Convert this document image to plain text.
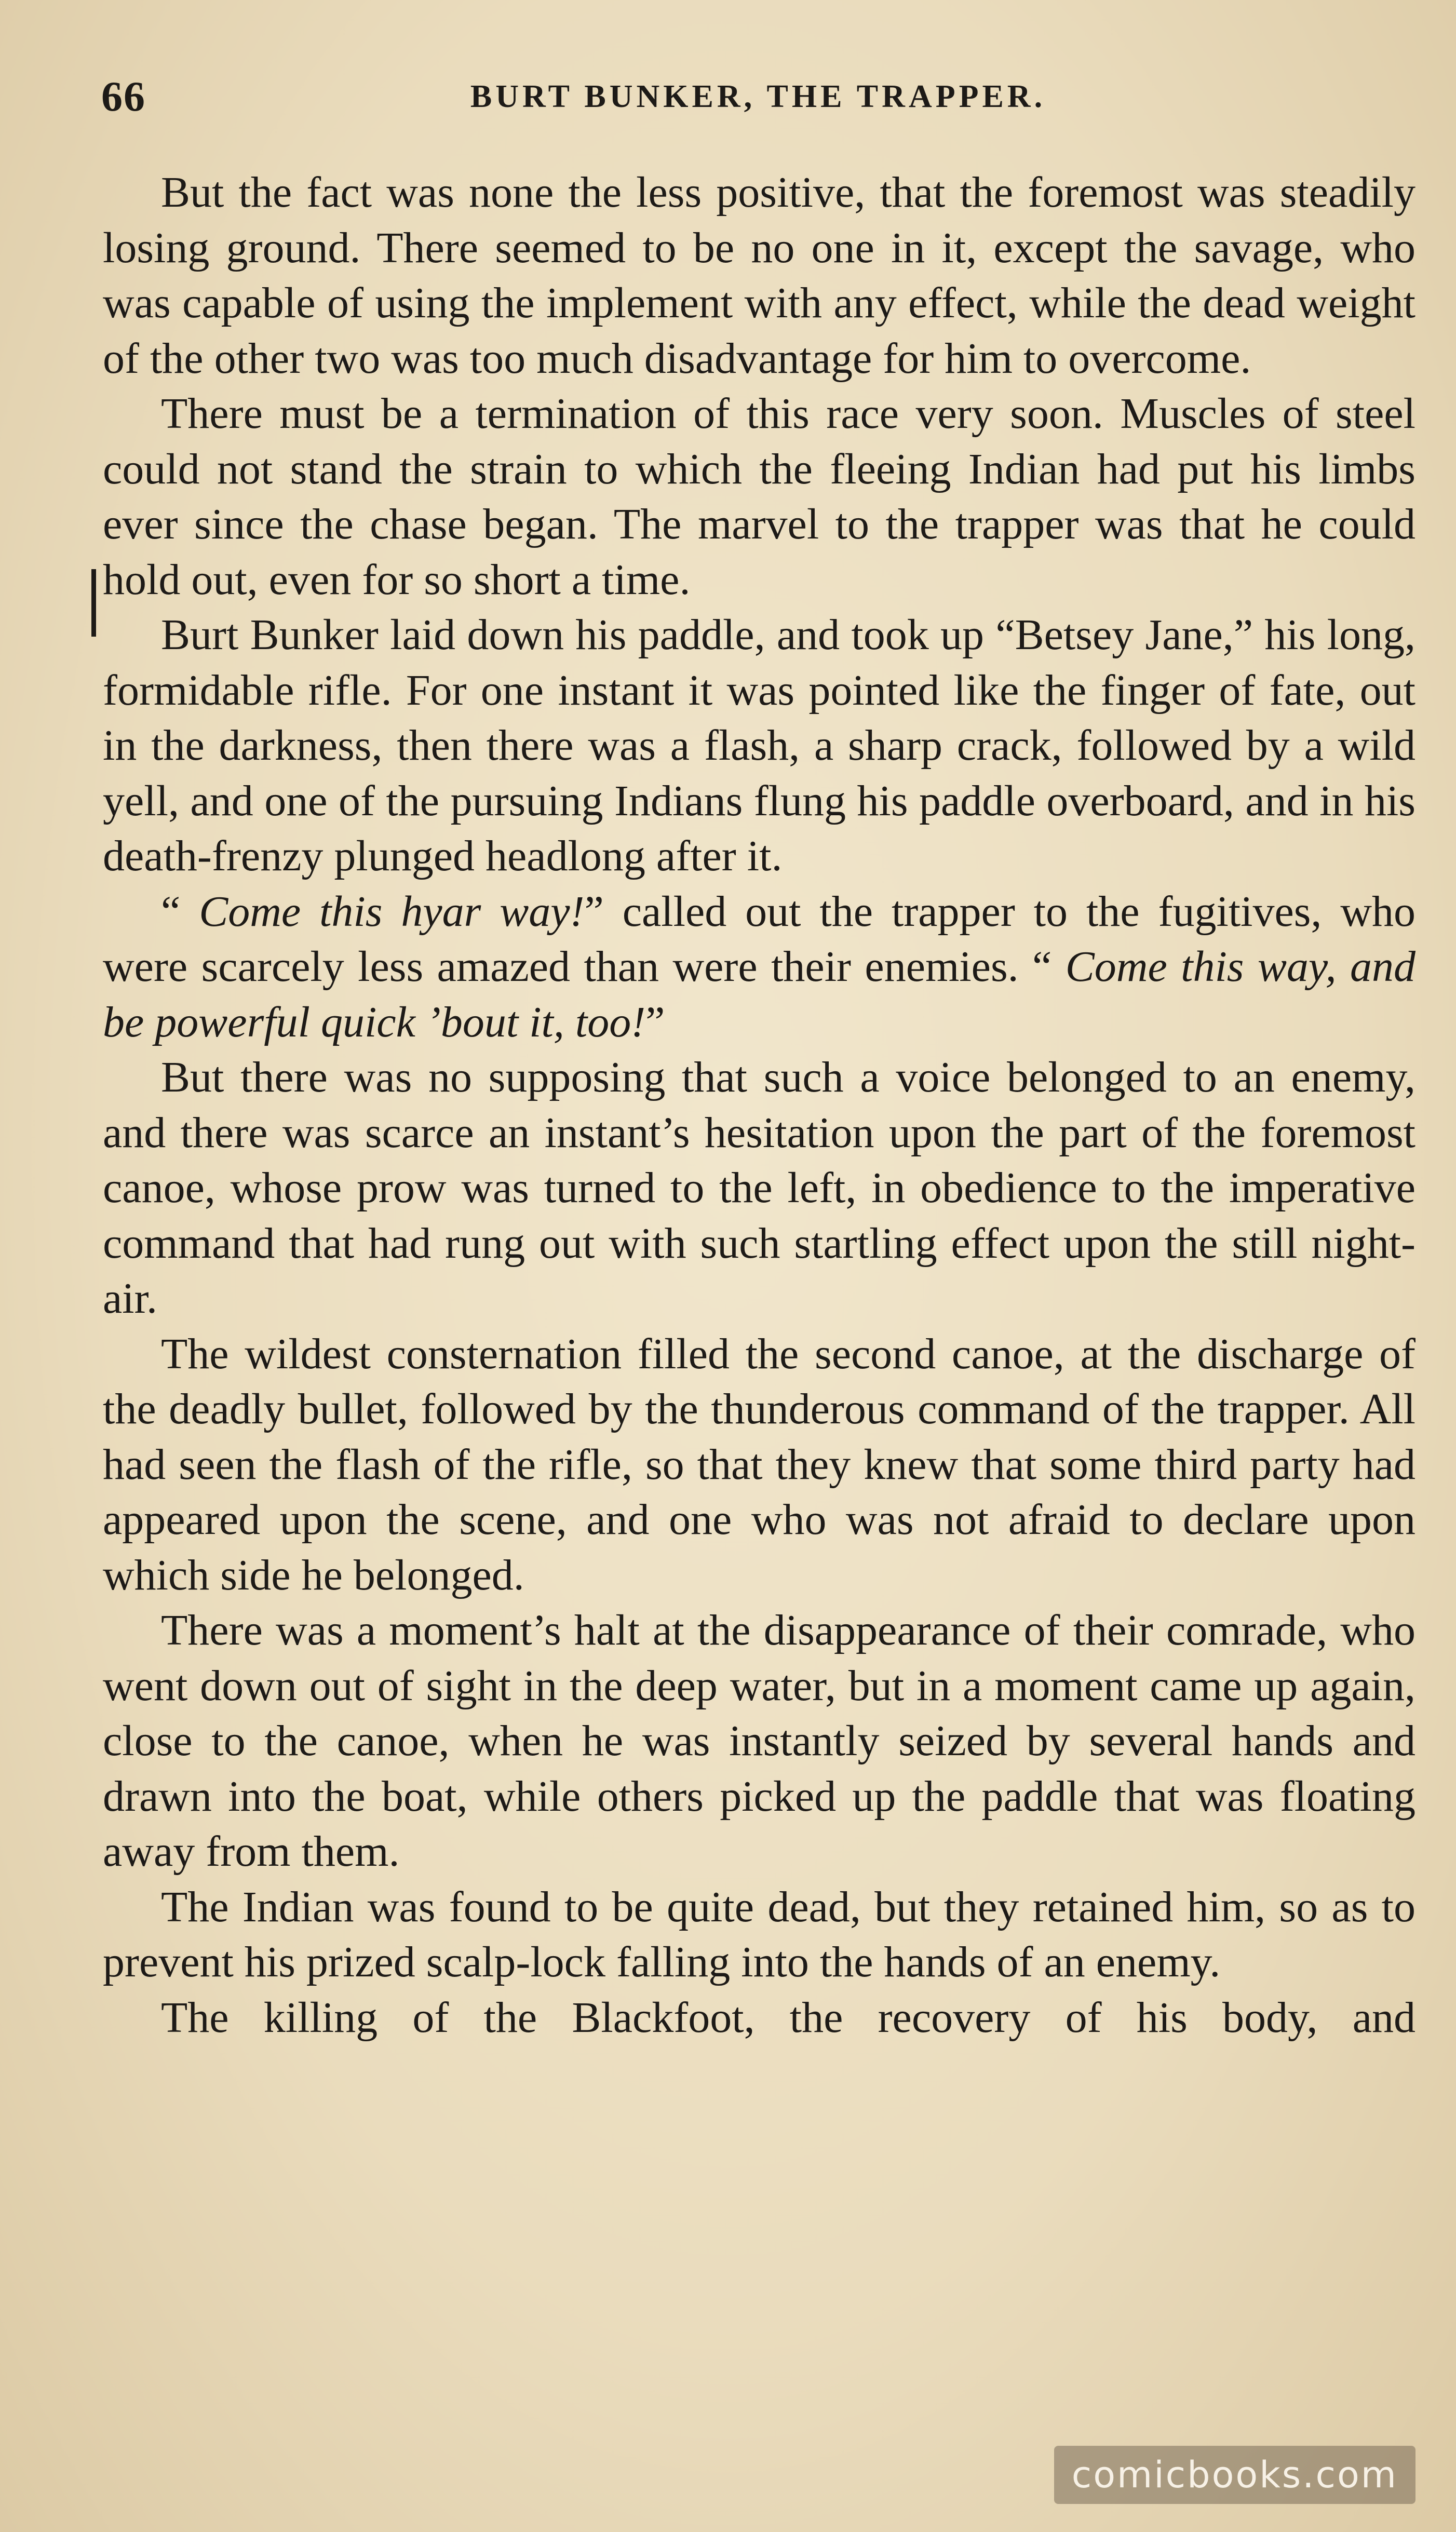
66	BURT BUNKER, THE TRAPPER.

But the fact was none the less positive, that the foremost was steadily losing ground. There seemed to be no one in it, except the savage, who was capable of using the implement with any effect, while the dead weight of the other two was too much disadvantage for him to overcome.

There must be a termination of this race very soon. Muscles of steel could not stand the strain to which the fleeing Indian had put his limbs ever since the chase began. The marvel to the trapper was that he could hold out, even for so short a time.

Burt Bunker laid down his paddle, and took up “Betsey Jane,” his long, formidable rifle. For one instant it was pointed like the finger of fate, out in the darkness, then there was a flash, a sharp crack, followed by a wild yell, and one of the pursuing Indians flung his paddle overboard, and in his death-frenzy plunged headlong after it.

“ Come this hyar way!” called out the trapper to the fugitives, who were scarcely less amazed than were their enemies. “ Come this way, and be powerful quick ’bout it, too!”

But there was no supposing that such a voice belonged to an enemy, and there was scarce an instant’s hesitation upon the part of the foremost canoe, whose prow was turned to the left, in obedience to the imperative command that had rung out with such startling effect upon the still night-air.

The wildest consternation filled the second canoe, at the discharge of the deadly bullet, followed by the thunderous command of the trapper. All had seen the flash of the rifle, so that they knew that some third party had appeared upon the scene, and one who was not afraid to declare upon which side he belonged.

There was a moment’s halt at the disappearance of their comrade, who went down out of sight in the deep water, but in a moment came up again, close to the canoe, when he was instantly seized by several hands and drawn into the boat, while others picked up the paddle that was floating away from them.

The Indian was found to be quite dead, but they retained him, so as to prevent his prized scalp-lock falling into the hands of an enemy.

The killing of the Blackfoot, the recovery of his body, and

comicbooks.com
